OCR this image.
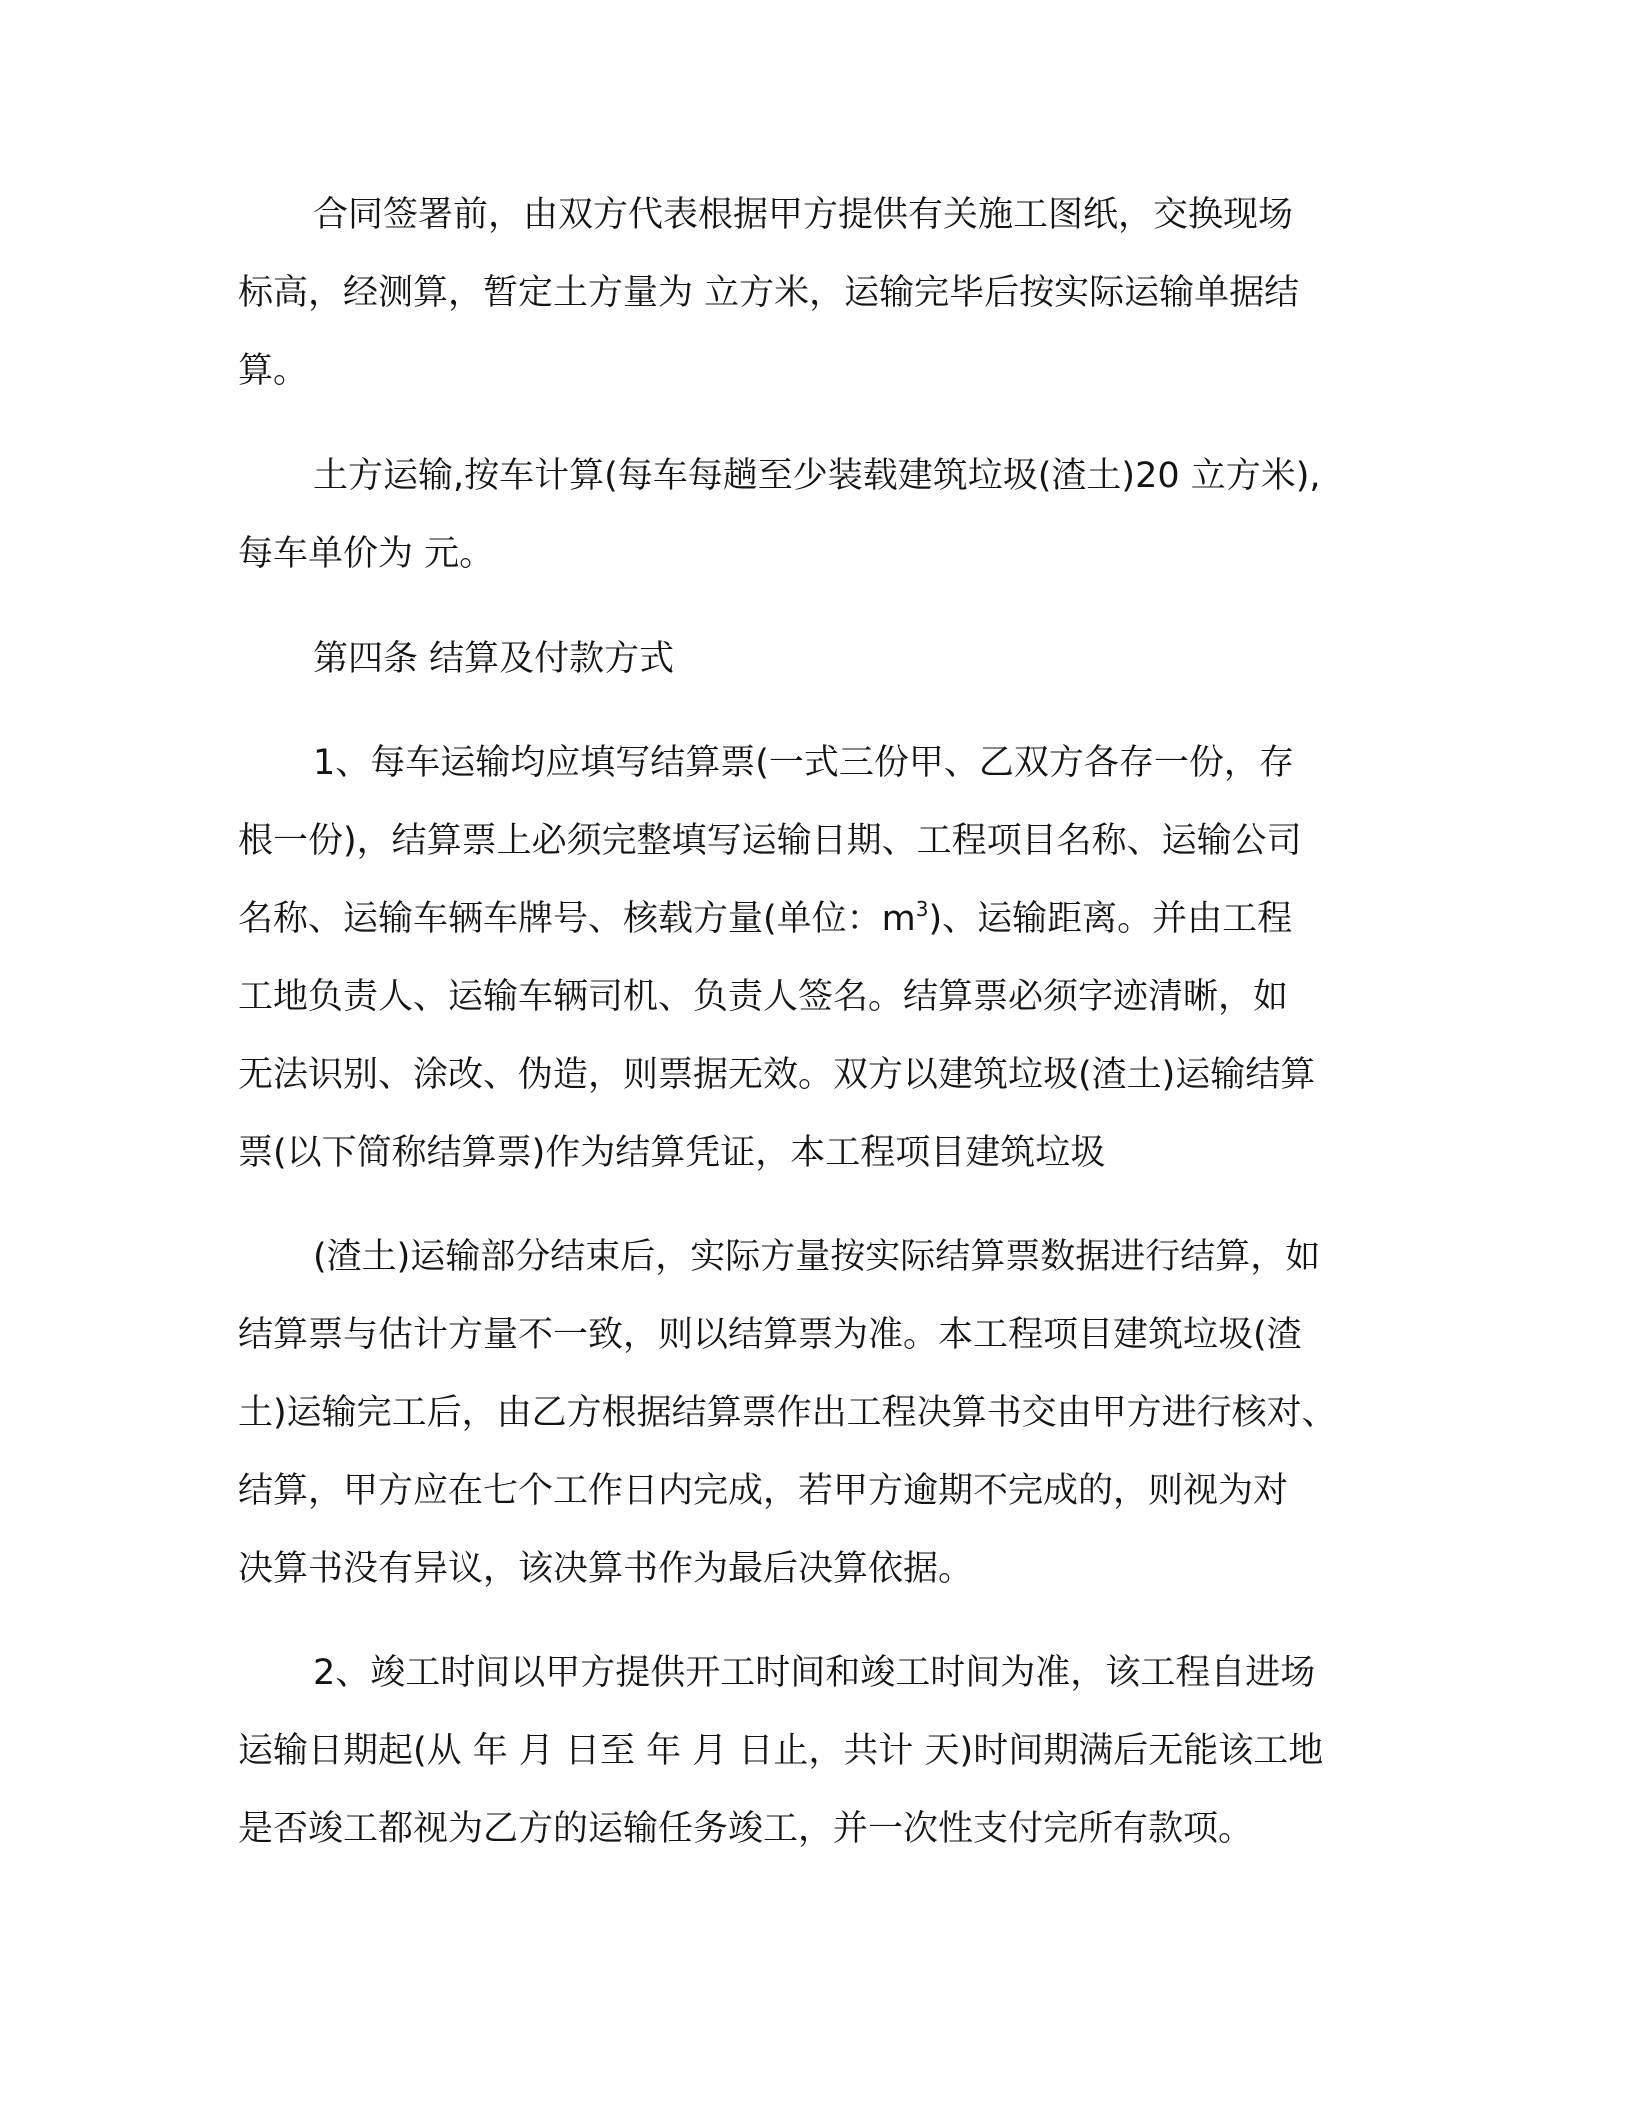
合同签署前，由双方代表根据甲方提供有关施工图纸，交换现场

标高，经测算，暂定土方量为 立方米，运输完毕后按实际运输单据结

算。

土方运输,按车计算(每车每趟至少装载建筑垃圾(渣土)20 立方米),

每车单价为 元。

第四条 结算及付款方式

1、每车运输均应填写结算票(一式三份甲、乙双方各存一份，存

根一份)，结算票上必须完整填写运输日期、工程项目名称、运输公司

名称、运输车辆车牌号、核载方量(单位：$m^3$)、运输距离。并由工程

工地负责人、运输车辆司机、负责人签名。结算票必须字迹清晰，如

无法识别、涂改、伪造，则票据无效。双方以建筑垃圾(渣土)运输结算

票(以下简称结算票)作为结算凭证，本工程项目建筑垃圾

(渣土)运输部分结束后，实际方量按实际结算票数据进行结算，如

结算票与估计方量不一致，则以结算票为准。本工程项目建筑垃圾(渣

土)运输完工后，由乙方根据结算票作出工程决算书交由甲方进行核对、

结算，甲方应在七个工作日内完成，若甲方逾期不完成的，则视为对

决算书没有异议，该决算书作为最后决算依据。

2、竣工时间以甲方提供开工时间和竣工时间为准，该工程自进场

运输日期起(从 年 月 日至 年 月 日止，共计 天)时间期满后无能该工地

是否竣工都视为乙方的运输任务竣工，并一次性支付完所有款项。
